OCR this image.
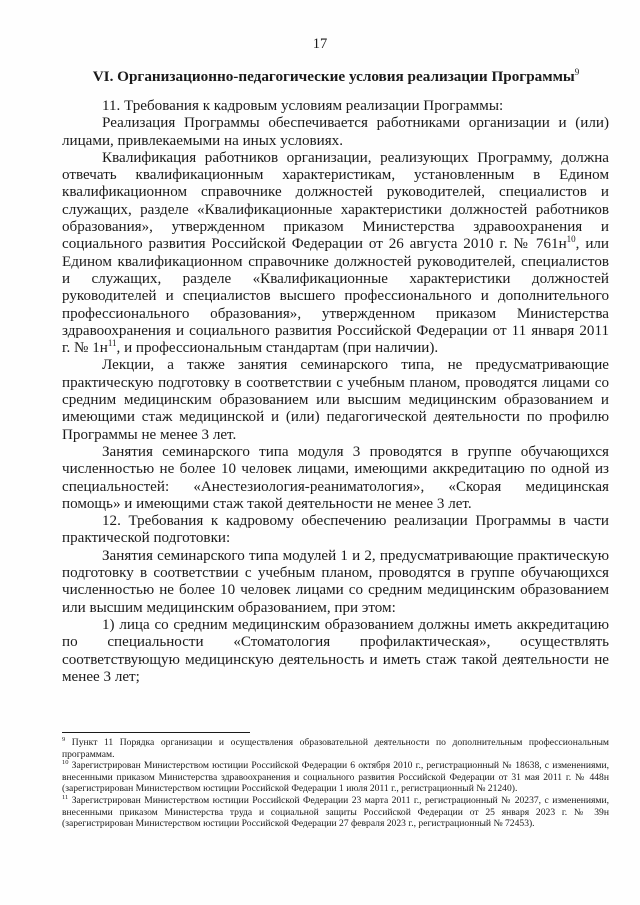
17
VI. Организационно-педагогические условия реализации Программы$^9$

11. Требования к кадровым условиям реализации Программы:

Реализация Программы обеспечивается работниками организации и (или) лицами, привлекаемыми на иных условиях.

Квалификация работников организации, реализующих Программу, должна отвечать квалификационным характеристикам, установленным в Едином квалификационном справочнике должностей руководителей, специалистов и служащих, разделе «Квалификационные характеристики должностей работников образования», утвержденном приказом Министерства здравоохранения и социального развития Российской Федерации от 26 августа 2010 г. № $761н^{10}$, или Едином квалификационном справочнике должностей руководителей, специалистов и служащих, разделе «Квалификационные характеристики должностей руководителей и специалистов высшего профессионального и дополнительного профессионального образования», утвержденном приказом Министерства здравоохранения и социального развития Российской Федерации от 11 января 2011 г. № $1н^{11}$, и профессиональным стандартам (при наличии).

Лекции, а также занятия семинарского типа, не предусматривающие практическую подготовку в соответствии с учебным планом, проводятся лицами со средним медицинским образованием или высшим медицинским образованием и имеющими стаж медицинской и (или) педагогической деятельности по профилю Программы не менее 3 лет.

Занятия семинарского типа модуля 3 проводятся в группе обучающихся численностью не более 10 человек лицами, имеющими аккредитацию по одной из специальностей: «Анестезиология-реаниматология», «Скорая медицинская помощь» и имеющими стаж такой деятельности не менее 3 лет.

12. Требования к кадровому обеспечению реализации Программы в части практической подготовки:

Занятия семинарского типа модулей 1 и 2, предусматривающие практическую подготовку в соответствии с учебным планом, проводятся в группе обучающихся численностью не более 10 человек лицами со средним медицинским образованием или высшим медицинским образованием, при этом:

1) лица со средним медицинским образованием должны иметь аккредитацию по специальности «Стоматология профилактическая», осуществлять соответствующую медицинскую деятельность и иметь стаж такой деятельности не менее 3 лет;

$^9$ Пункт 11 Порядка организации и осуществления образовательной деятельности по дополнительным профессиональным программам.

$^{10}$ Зарегистрирован Министерством юстиции Российской Федерации 6 октября 2010 г., регистрационный № 18638, с изменениями, внесенными приказом Министерства здравоохранения и социального развития Российской Федерации от 31 мая 2011 г. № 448н (зарегистрирован Министерством юстиции Российской Федерации 1 июля 2011 г., регистрационный № 21240).

$^{11}$ Зарегистрирован Министерством юстиции Российской Федерации 23 марта 2011 г., регистрационный № 20237, с изменениями, внесенными приказом Министерства труда и социальной защиты Российской Федерации от 25 января 2023 г. № 39н (зарегистрирован Министерством юстиции Российской Федерации 27 февраля 2023 г., регистрационный № 72453).
